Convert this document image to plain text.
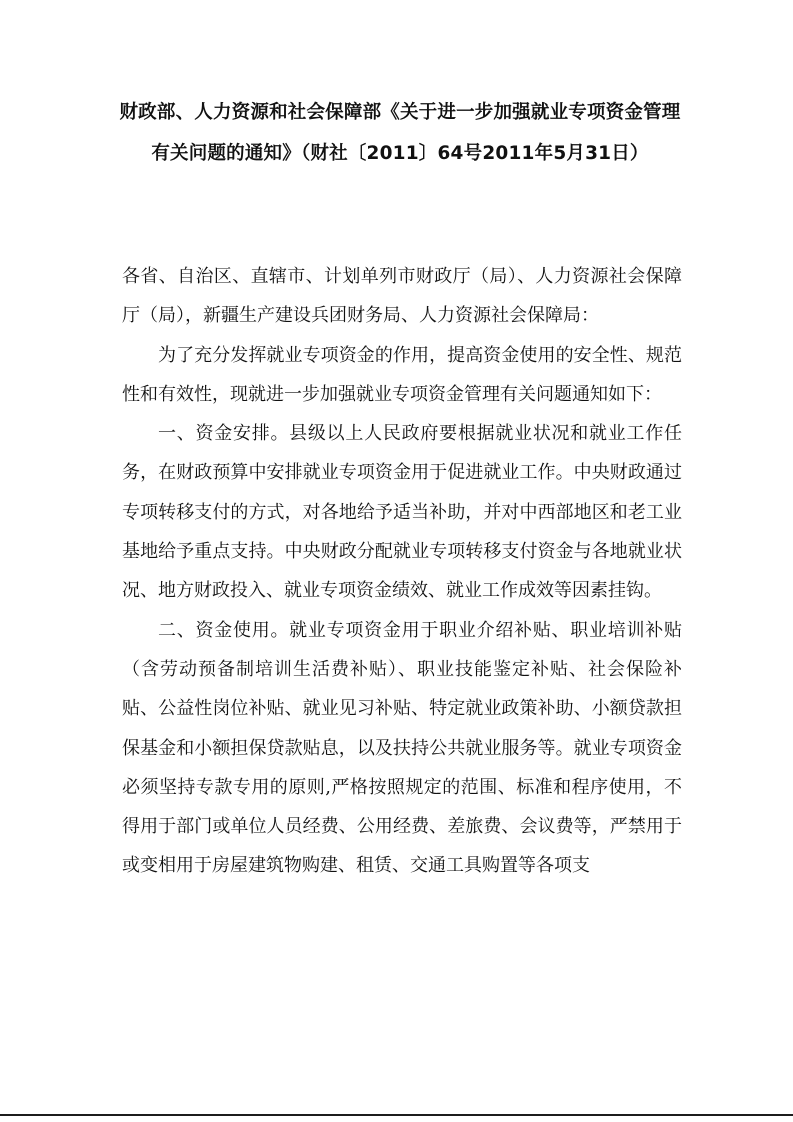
财政部、人力资源和社会保障部《关于进一步加强就业专项资金管理
有关问题的通知》（财社〔2011〕64号2011年5月31日）

各省、自治区、直辖市、计划单列市财政厅（局）、人力资源社会保障厅（局），新疆生产建设兵团财务局、人力资源社会保障局：

为了充分发挥就业专项资金的作用，提高资金使用的安全性、规范性和有效性，现就进一步加强就业专项资金管理有关问题通知如下：

一、资金安排。县级以上人民政府要根据就业状况和就业工作任务，在财政预算中安排就业专项资金用于促进就业工作。中央财政通过专项转移支付的方式，对各地给予适当补助，并对中西部地区和老工业基地给予重点支持。中央财政分配就业专项转移支付资金与各地就业状况、地方财政投入、就业专项资金绩效、就业工作成效等因素挂钩。

二、资金使用。就业专项资金用于职业介绍补贴、职业培训补贴（含劳动预备制培训生活费补贴）、职业技能鉴定补贴、社会保险补贴、公益性岗位补贴、就业见习补贴、特定就业政策补助、小额贷款担保基金和小额担保贷款贴息，以及扶持公共就业服务等。就业专项资金必须坚持专款专用的原则,严格按照规定的范围、标准和程序使用，不得用于部门或单位人员经费、公用经费、差旅费、会议费等，严禁用于或变相用于房屋建筑物购建、租赁、交通工具购置等各项支
